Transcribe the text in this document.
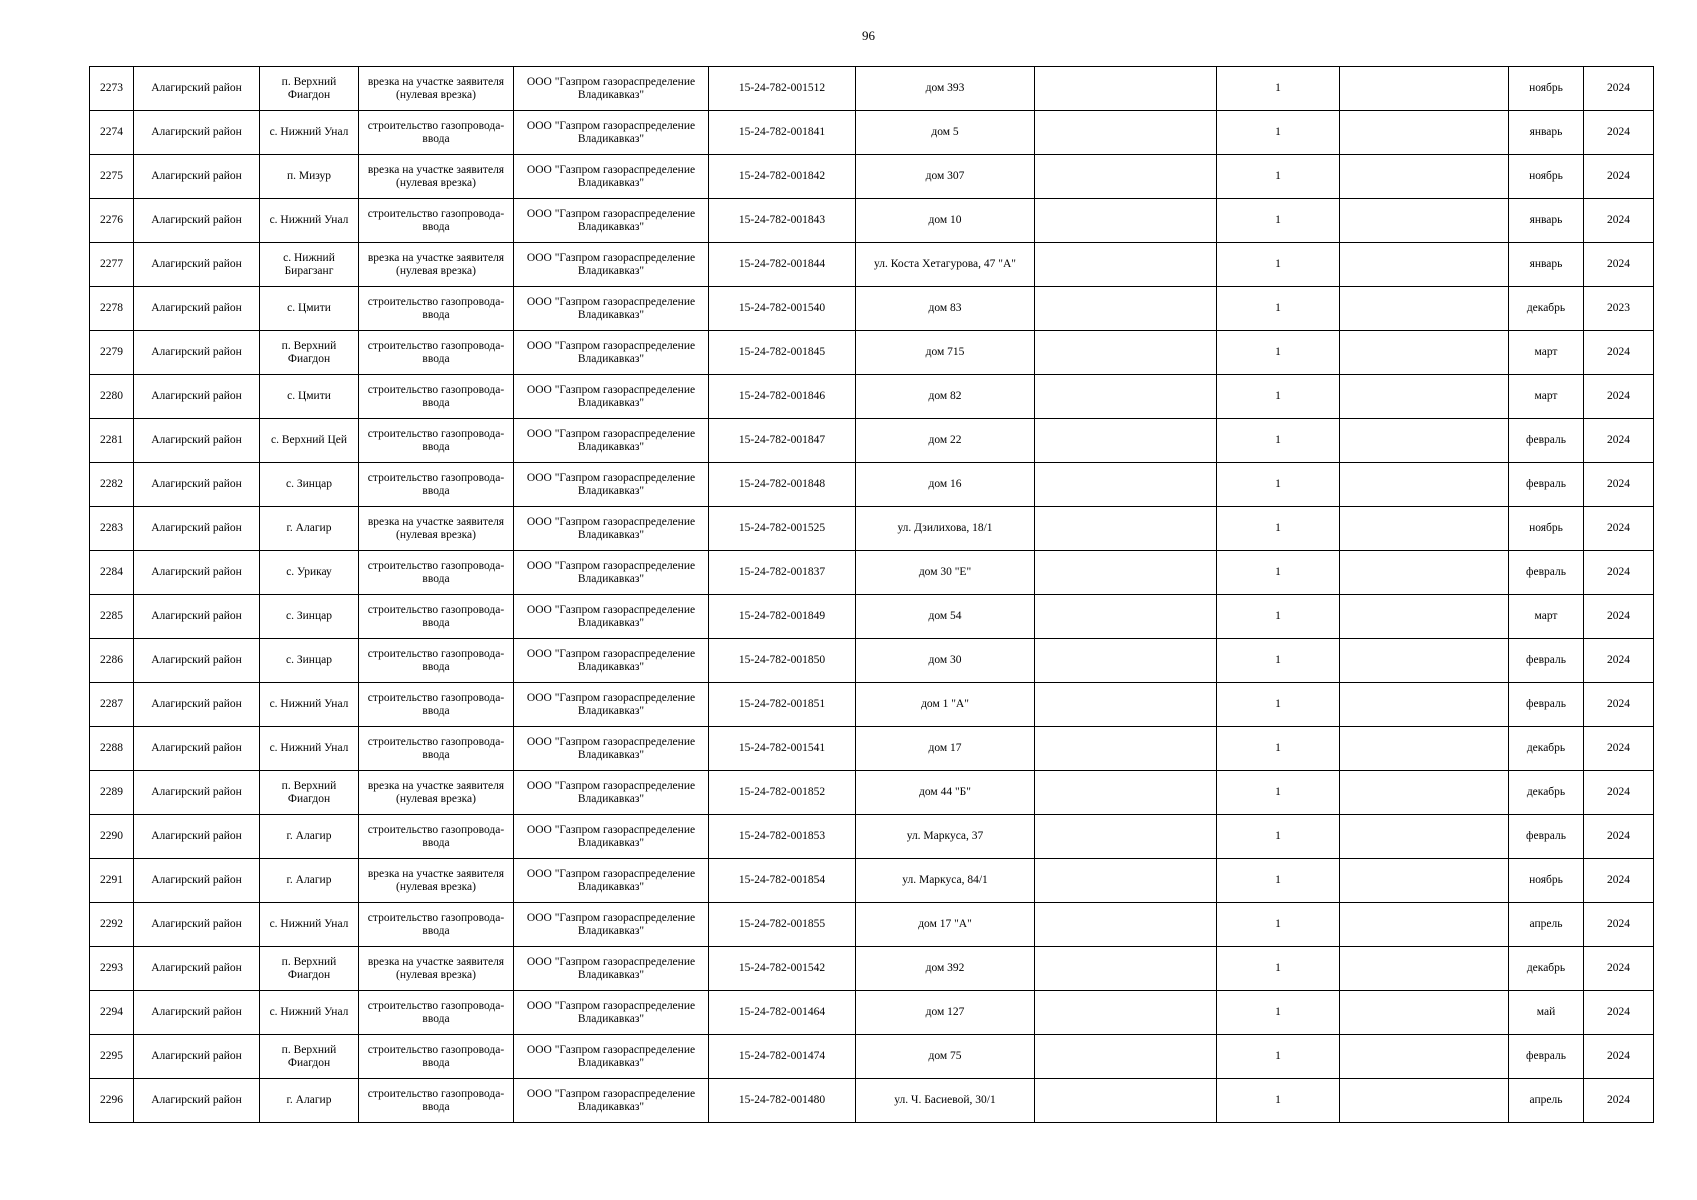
96
2273	Алагирский район	п. Верхний Фиагдон	врезка на участке заявителя (нулевая врезка)	ООО "Газпром газораспределение Владикавказ"	15-24-782-001512	дом 393		1		ноябрь	2024
2274	Алагирский район	с. Нижний Унал	строительство газопровода-ввода	ООО "Газпром газораспределение Владикавказ"	15-24-782-001841	дом 5		1		январь	2024
2275	Алагирский район	п. Мизур	врезка на участке заявителя (нулевая врезка)	ООО "Газпром газораспределение Владикавказ"	15-24-782-001842	дом 307		1		ноябрь	2024
2276	Алагирский район	с. Нижний Унал	строительство газопровода-ввода	ООО "Газпром газораспределение Владикавказ"	15-24-782-001843	дом 10		1		январь	2024
2277	Алагирский район	с. Нижний Бирагзанг	врезка на участке заявителя (нулевая врезка)	ООО "Газпром газораспределение Владикавказ"	15-24-782-001844	ул. Коста Хетагурова, 47 "А"		1		январь	2024
2278	Алагирский район	с. Цмити	строительство газопровода-ввода	ООО "Газпром газораспределение Владикавказ"	15-24-782-001540	дом 83		1		декабрь	2023
2279	Алагирский район	п. Верхний Фиагдон	строительство газопровода-ввода	ООО "Газпром газораспределение Владикавказ"	15-24-782-001845	дом 715		1		март	2024
2280	Алагирский район	с. Цмити	строительство газопровода-ввода	ООО "Газпром газораспределение Владикавказ"	15-24-782-001846	дом 82		1		март	2024
2281	Алагирский район	с. Верхний Цей	строительство газопровода-ввода	ООО "Газпром газораспределение Владикавказ"	15-24-782-001847	дом 22		1		февраль	2024
2282	Алагирский район	с. Зинцар	строительство газопровода-ввода	ООО "Газпром газораспределение Владикавказ"	15-24-782-001848	дом 16		1		февраль	2024
2283	Алагирский район	г. Алагир	врезка на участке заявителя (нулевая врезка)	ООО "Газпром газораспределение Владикавказ"	15-24-782-001525	ул. Дзилихова, 18/1		1		ноябрь	2024
2284	Алагирский район	с. Урикау	строительство газопровода-ввода	ООО "Газпром газораспределение Владикавказ"	15-24-782-001837	дом 30 "Е"		1		февраль	2024
2285	Алагирский район	с. Зинцар	строительство газопровода-ввода	ООО "Газпром газораспределение Владикавказ"	15-24-782-001849	дом 54		1		март	2024
2286	Алагирский район	с. Зинцар	строительство газопровода-ввода	ООО "Газпром газораспределение Владикавказ"	15-24-782-001850	дом 30		1		февраль	2024
2287	Алагирский район	с. Нижний Унал	строительство газопровода-ввода	ООО "Газпром газораспределение Владикавказ"	15-24-782-001851	дом 1 "А"		1		февраль	2024
2288	Алагирский район	с. Нижний Унал	строительство газопровода-ввода	ООО "Газпром газораспределение Владикавказ"	15-24-782-001541	дом 17		1		декабрь	2024
2289	Алагирский район	п. Верхний Фиагдон	врезка на участке заявителя (нулевая врезка)	ООО "Газпром газораспределение Владикавказ"	15-24-782-001852	дом 44 "Б"		1		декабрь	2024
2290	Алагирский район	г. Алагир	строительство газопровода-ввода	ООО "Газпром газораспределение Владикавказ"	15-24-782-001853	ул. Маркуса, 37		1		февраль	2024
2291	Алагирский район	г. Алагир	врезка на участке заявителя (нулевая врезка)	ООО "Газпром газораспределение Владикавказ"	15-24-782-001854	ул. Маркуса, 84/1		1		ноябрь	2024
2292	Алагирский район	с. Нижний Унал	строительство газопровода-ввода	ООО "Газпром газораспределение Владикавказ"	15-24-782-001855	дом 17 "А"		1		апрель	2024
2293	Алагирский район	п. Верхний Фиагдон	врезка на участке заявителя (нулевая врезка)	ООО "Газпром газораспределение Владикавказ"	15-24-782-001542	дом 392		1		декабрь	2024
2294	Алагирский район	с. Нижний Унал	строительство газопровода-ввода	ООО "Газпром газораспределение Владикавказ"	15-24-782-001464	дом 127		1		май	2024
2295	Алагирский район	п. Верхний Фиагдон	строительство газопровода-ввода	ООО "Газпром газораспределение Владикавказ"	15-24-782-001474	дом 75		1		февраль	2024
2296	Алагирский район	г. Алагир	строительство газопровода-ввода	ООО "Газпром газораспределение Владикавказ"	15-24-782-001480	ул. Ч. Басиевой, 30/1		1		апрель	2024
